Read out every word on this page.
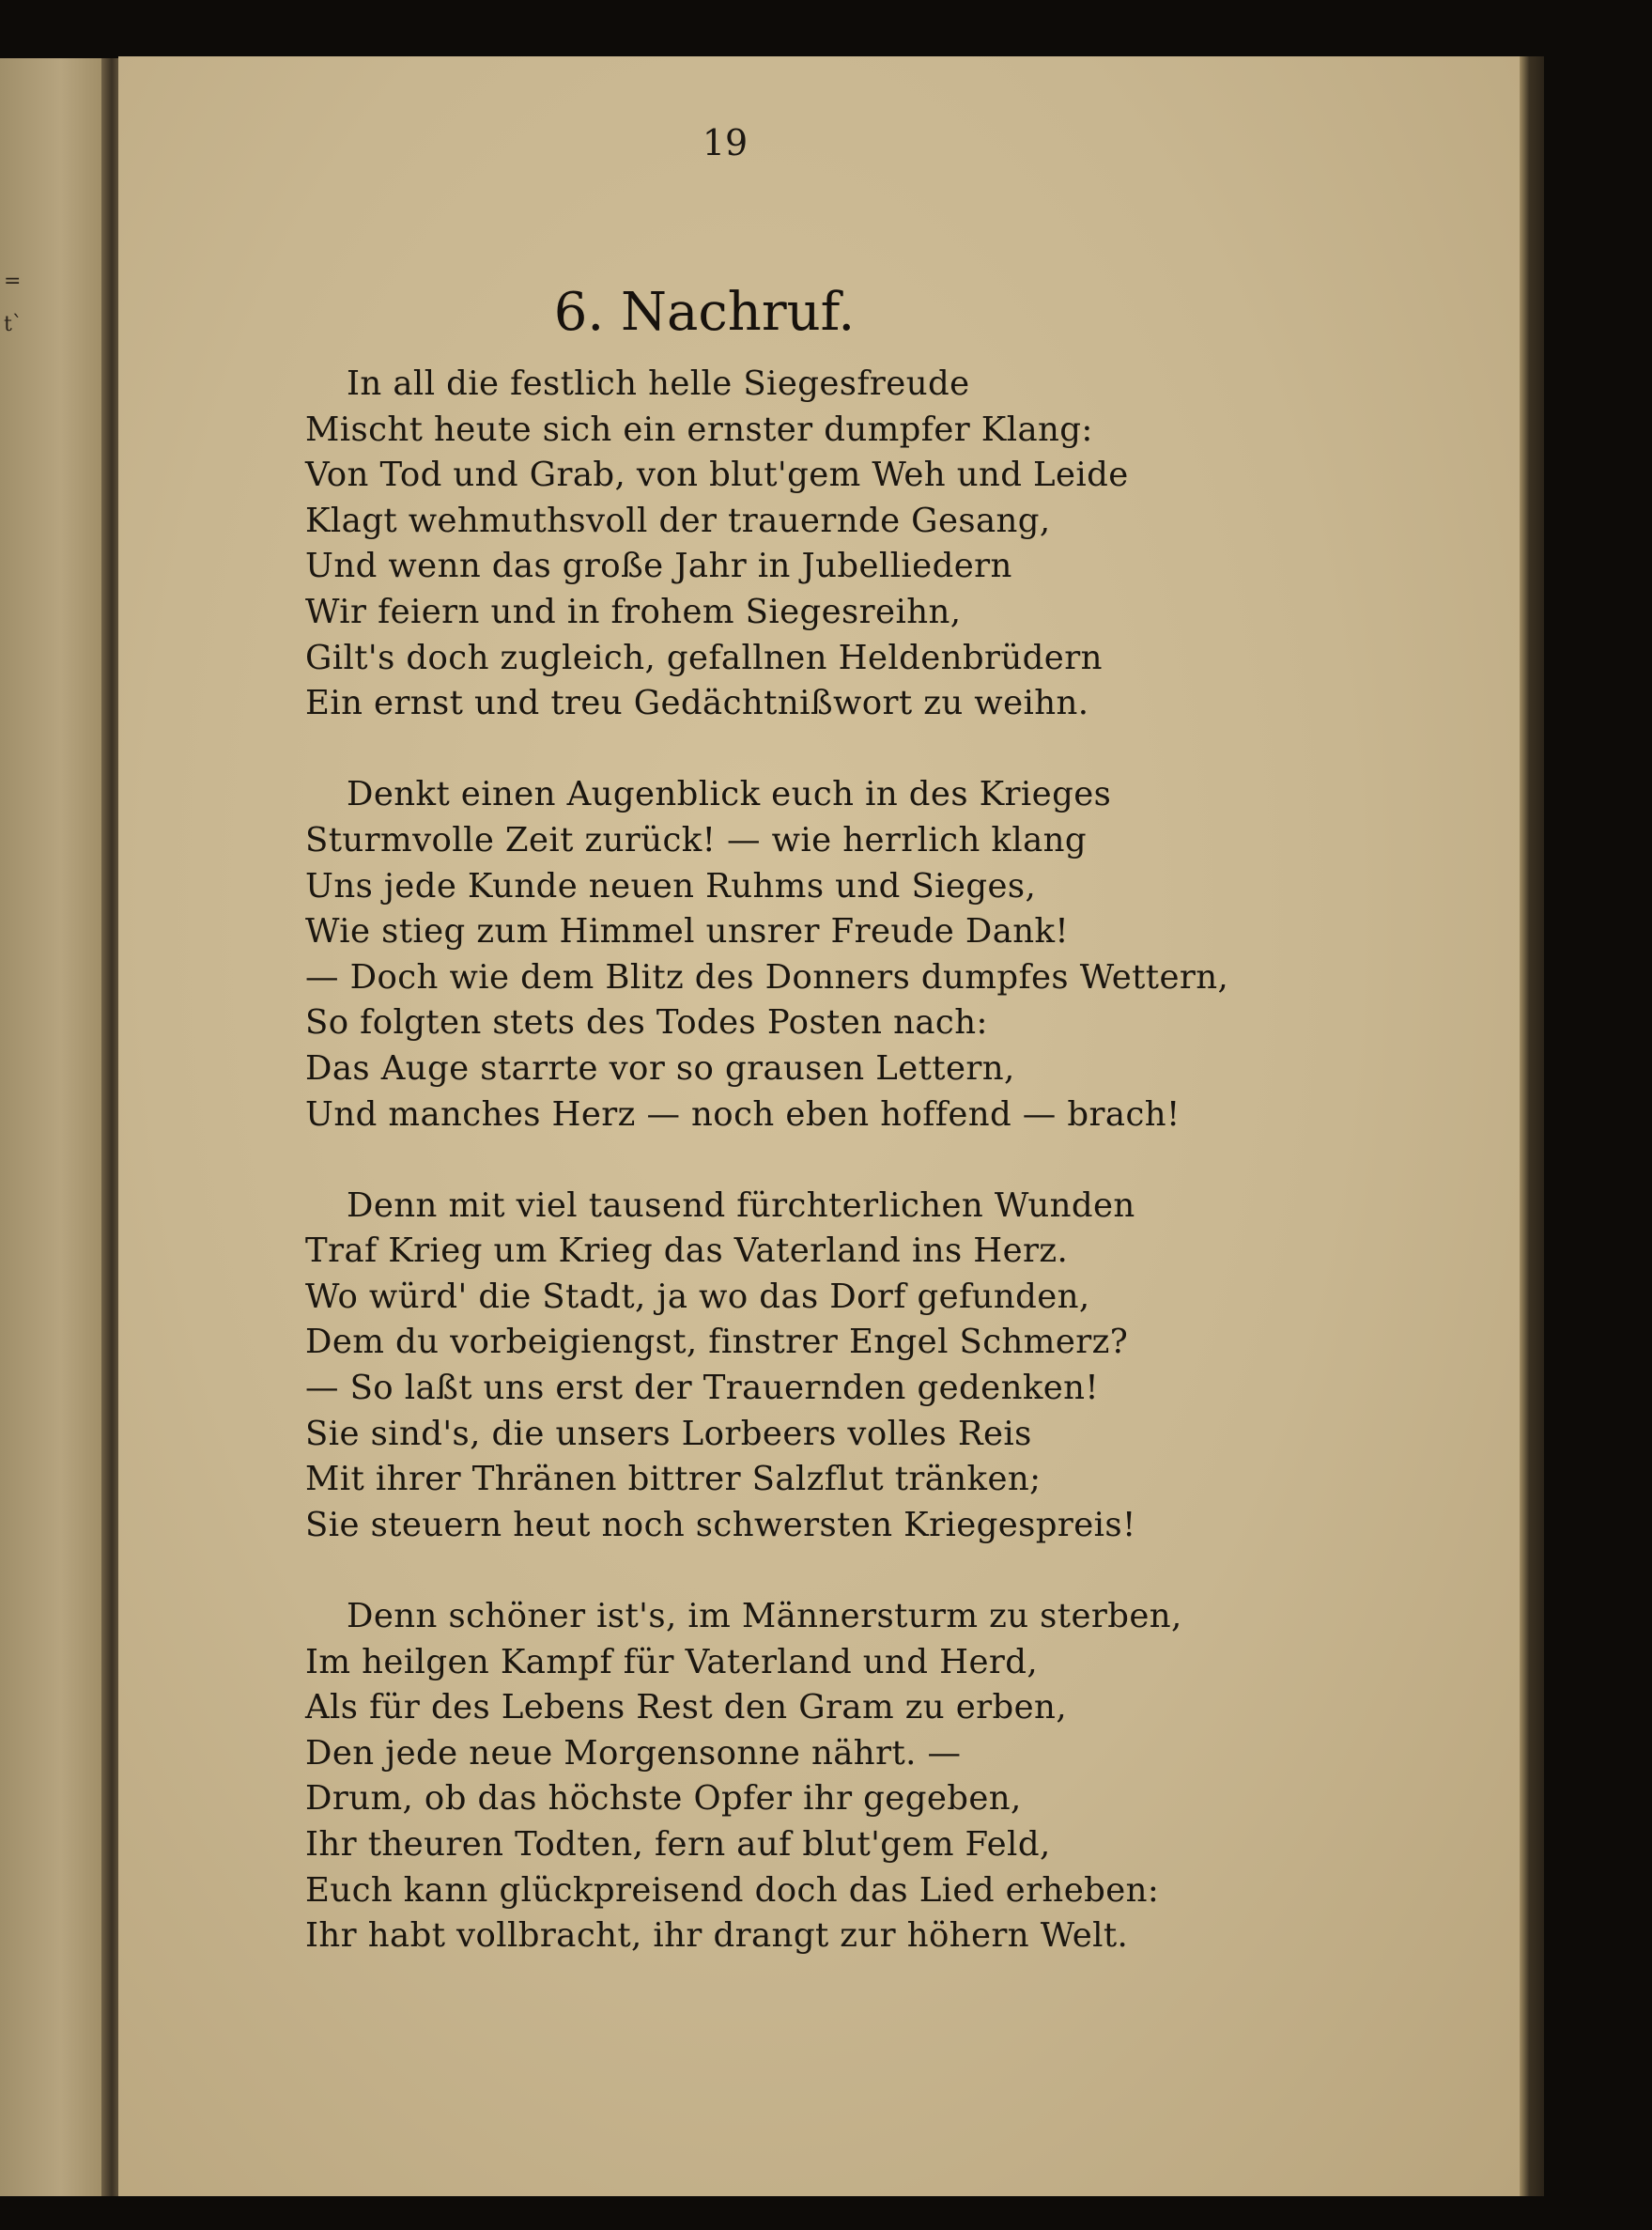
=
t`
19
6. Nachruf.
In all die festlich helle Siegesfreude
Mischt heute sich ein ernster dumpfer Klang:
Von Tod und Grab, von blut'gem Weh und Leide
Klagt wehmuthsvoll der trauernde Gesang,
Und wenn das große Jahr in Jubelliedern
Wir feiern und in frohem Siegesreihn,
Gilt's doch zugleich, gefallnen Heldenbrüdern
Ein ernst und treu Gedächtnißwort zu weihn.
Denkt einen Augenblick euch in des Krieges
Sturmvolle Zeit zurück! — wie herrlich klang
Uns jede Kunde neuen Ruhms und Sieges,
Wie stieg zum Himmel unsrer Freude Dank!
— Doch wie dem Blitz des Donners dumpfes Wettern,
So folgten stets des Todes Posten nach:
Das Auge starrte vor so grausen Lettern,
Und manches Herz — noch eben hoffend — brach!
Denn mit viel tausend fürchterlichen Wunden
Traf Krieg um Krieg das Vaterland ins Herz.
Wo würd' die Stadt, ja wo das Dorf gefunden,
Dem du vorbeigiengst, finstrer Engel Schmerz?
— So laßt uns erst der Trauernden gedenken!
Sie sind's, die unsers Lorbeers volles Reis
Mit ihrer Thränen bittrer Salzflut tränken;
Sie steuern heut noch schwersten Kriegespreis!
Denn schöner ist's, im Männersturm zu sterben,
Im heilgen Kampf für Vaterland und Herd,
Als für des Lebens Rest den Gram zu erben,
Den jede neue Morgensonne nährt. —
Drum, ob das höchste Opfer ihr gegeben,
Ihr theuren Todten, fern auf blut'gem Feld,
Euch kann glückpreisend doch das Lied erheben:
Ihr habt vollbracht, ihr drangt zur höhern Welt.
